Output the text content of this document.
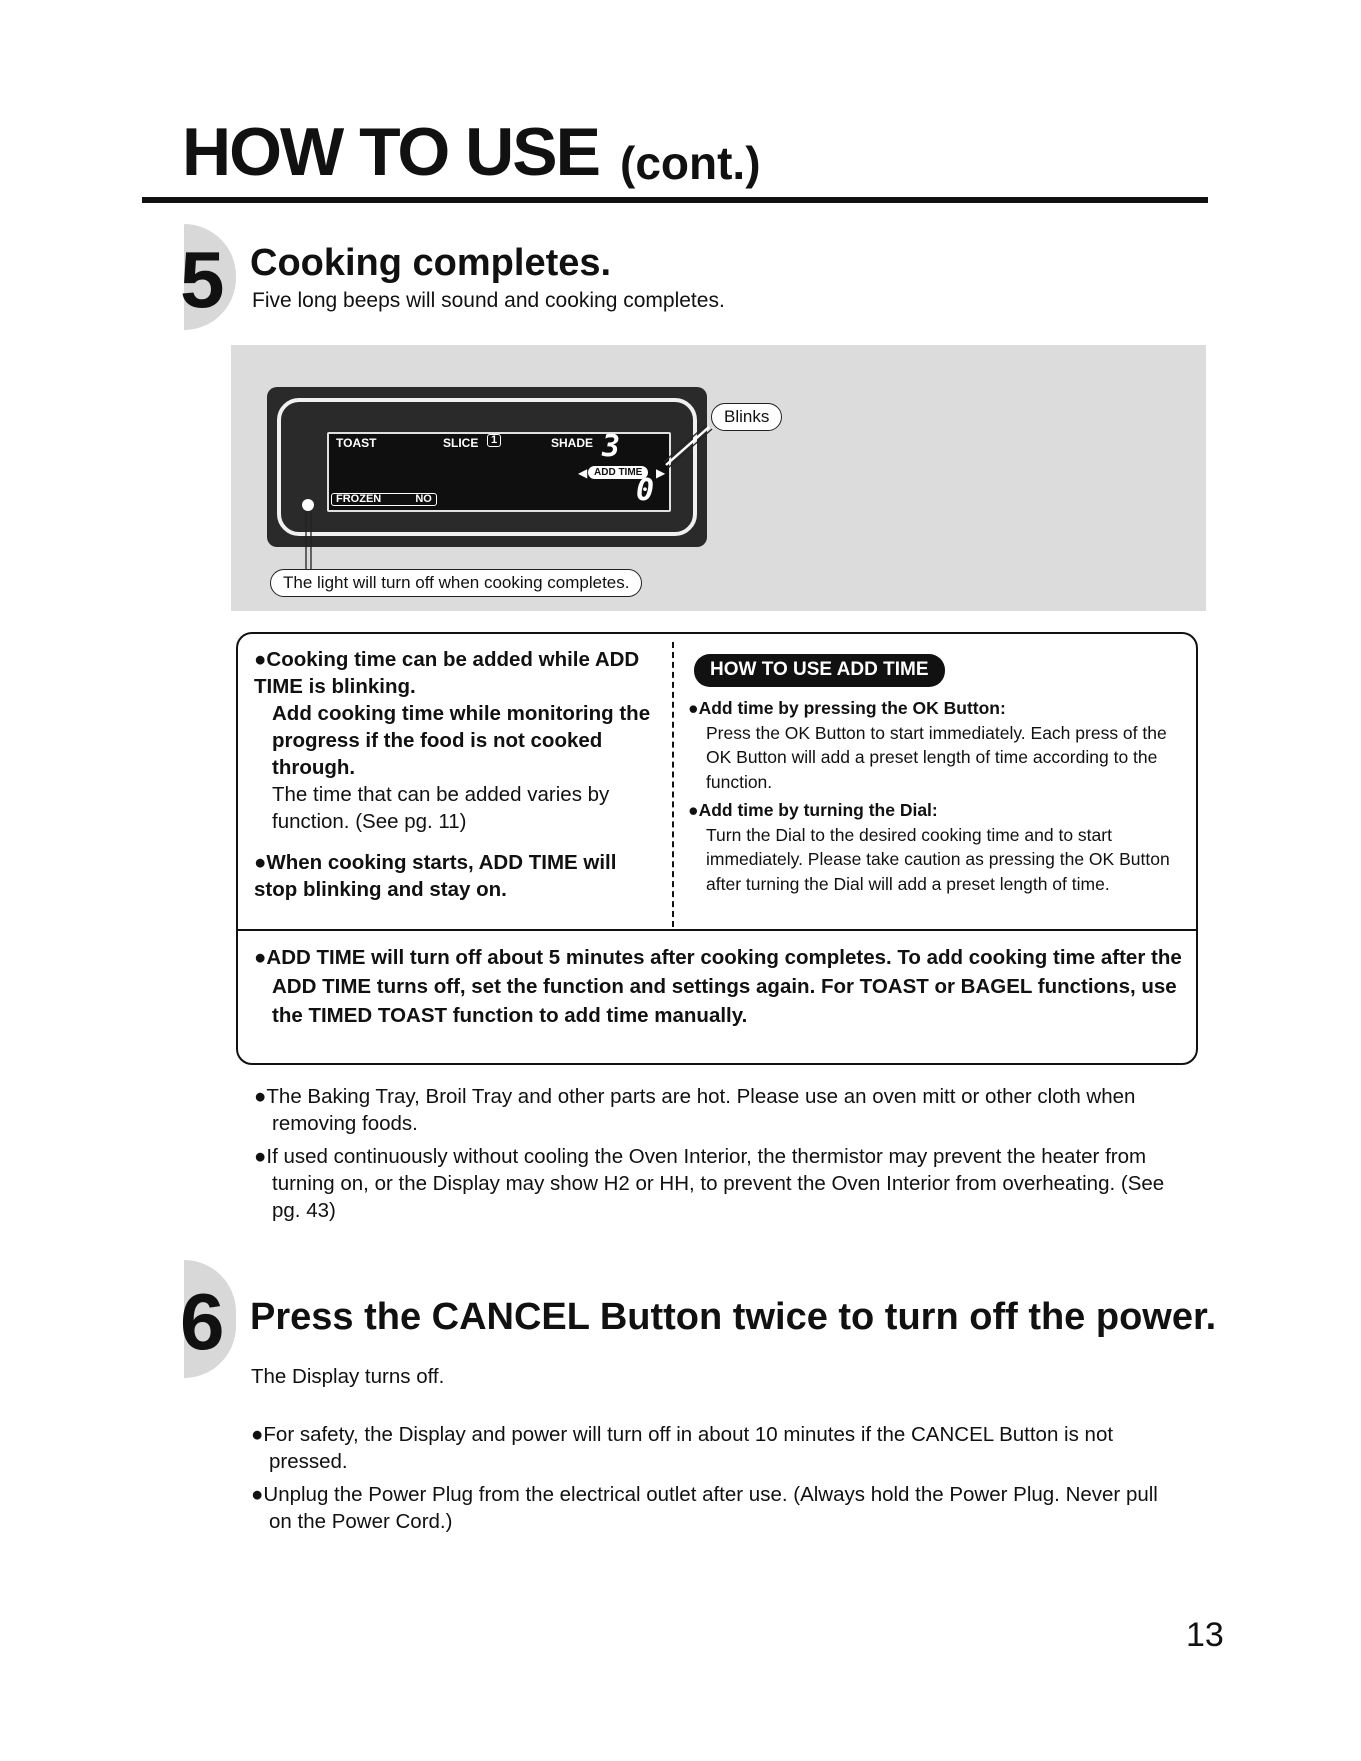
HOW TO USE (cont.)
5 Cooking completes.
Five long beeps will sound and cooking completes.
TOAST	SLICE	1	SHADE 3
ADD TIME
◀	▶
0
FROZEN	NO
Blinks
The light will turn off when cooking completes.

●Cooking time can be added while ADD TIME is blinking.

Add cooking time while monitoring the progress if the food is not cooked through.

The time that can be added varies by function. (See pg. 11)

●When cooking starts, ADD TIME will stop blinking and stay on.

HOW TO USE ADD TIME

●Add time by pressing the OK Button:

Press the OK Button to start immediately. Each press of the OK Button will add a preset length of time according to the function.

●Add time by turning the Dial:

Turn the Dial to the desired cooking time and to start immediately. Please take caution as pressing the OK Button after turning the Dial will add a preset length of time.

●ADD TIME will turn off about 5 minutes after cooking completes. To add cooking time after the ADD TIME turns off, set the function and settings again. For TOAST or BAGEL functions, use the TIMED TOAST function to add time manually.

●The Baking Tray, Broil Tray and other parts are hot. Please use an oven mitt or other cloth when removing foods.

●If used continuously without cooling the Oven Interior, the thermistor may prevent the heater from turning on, or the Display may show H2 or HH, to prevent the Oven Interior from overheating. (See pg. 43)

6 Press the CANCEL Button twice to turn off the power.
The Display turns off.

●For safety, the Display and power will turn off in about 10 minutes if the CANCEL Button is not pressed.

●Unplug the Power Plug from the electrical outlet after use. (Always hold the Power Plug. Never pull on the Power Cord.)

13
